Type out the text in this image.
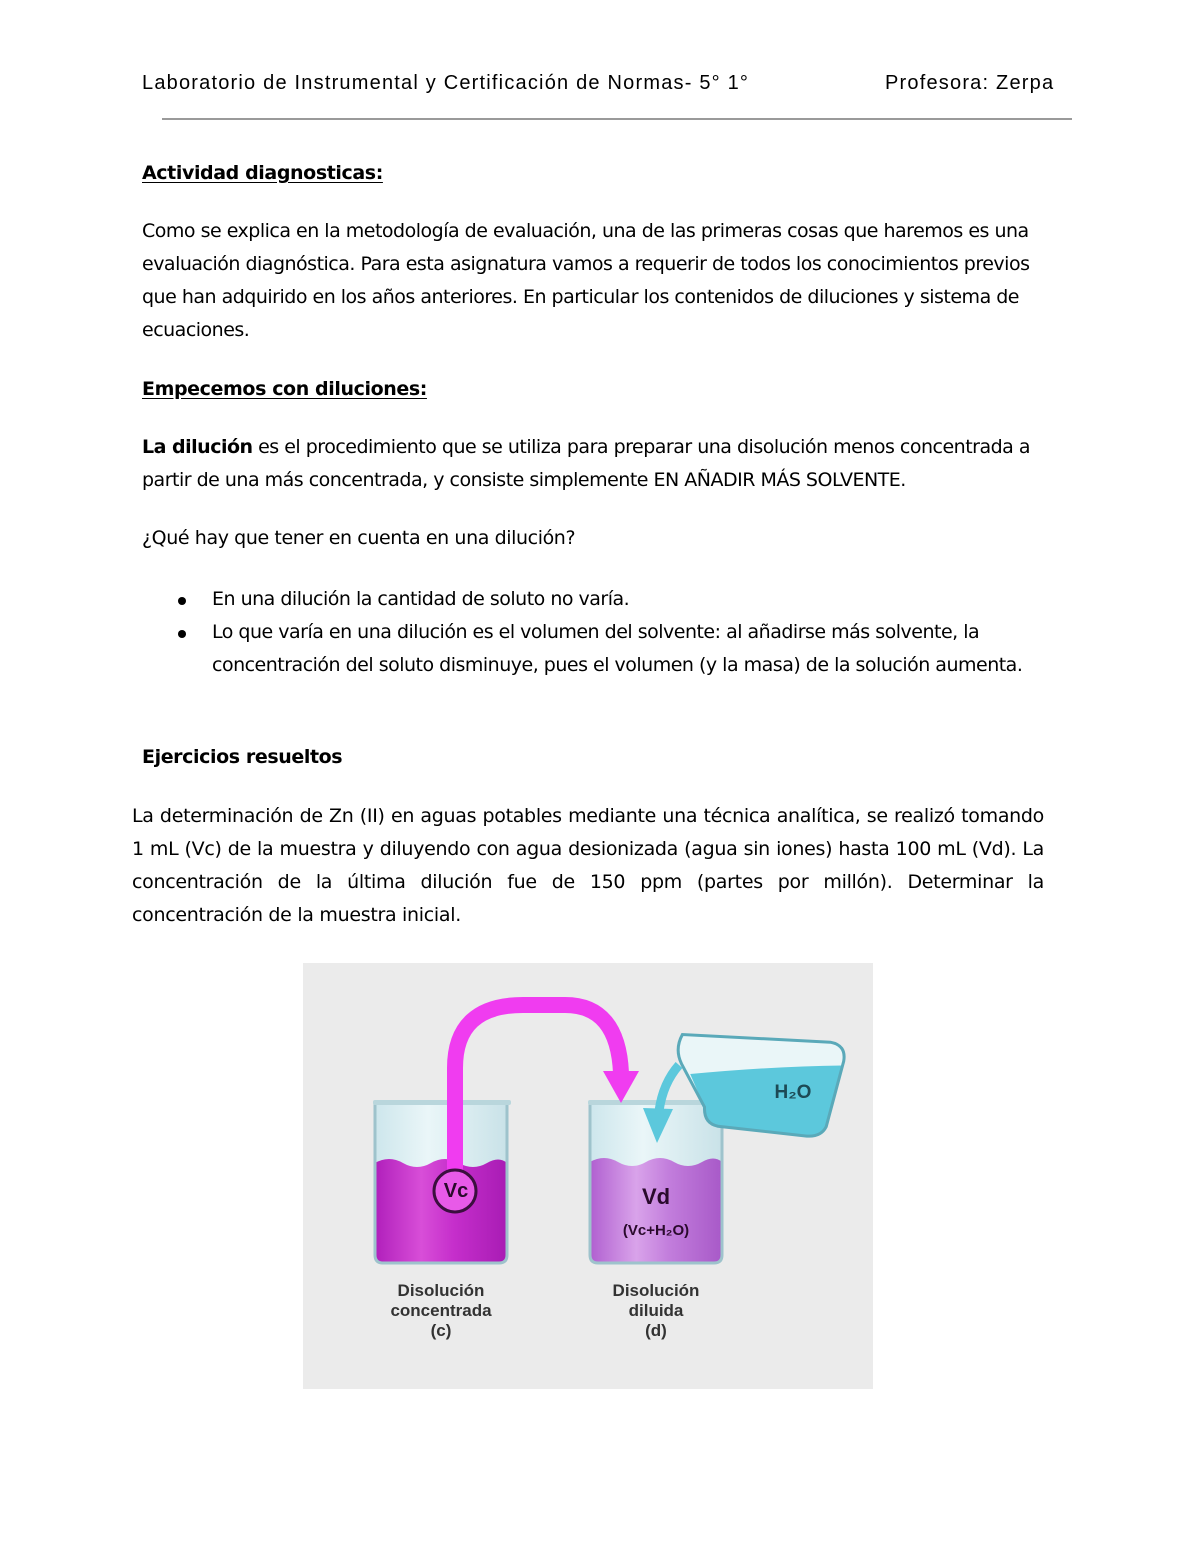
Laboratorio de Instrumental y Certificación de Normas- 5° 1°	Profesora: Zerpa
Actividad diagnosticas:
Como se explica en la metodología de evaluación, una de las primeras cosas que haremos es una evaluación diagnóstica. Para esta asignatura vamos a requerir de todos los conocimientos previos que han adquirido en los años anteriores. En particular los contenidos de diluciones y sistema de ecuaciones.
Empecemos con diluciones:
La dilución es el procedimiento que se utiliza para preparar una disolución menos concentrada a partir de una más concentrada, y consiste simplemente EN AÑADIR MÁS SOLVENTE.
¿Qué hay que tener en cuenta en una dilución?
En una dilución la cantidad de soluto no varía.
Lo que varía en una dilución es el volumen del solvente: al añadirse más solvente, la concentración del soluto disminuye, pues el volumen (y la masa) de la solución aumenta.
Ejercicios resueltos
La determinación de Zn (II) en aguas potables mediante una técnica analítica, se realizó tomando 1 mL (Vc) de la muestra y diluyendo con agua desionizada (agua sin iones) hasta 100 mL (Vd). La concentración de la última dilución fue de 150 ppm (partes por millón). Determinar la concentración de la muestra inicial.
Vc
H₂O
Vd
(Vc+H₂O)
Disolución
concentrada
(c)
Disolución
diluida
(d)
